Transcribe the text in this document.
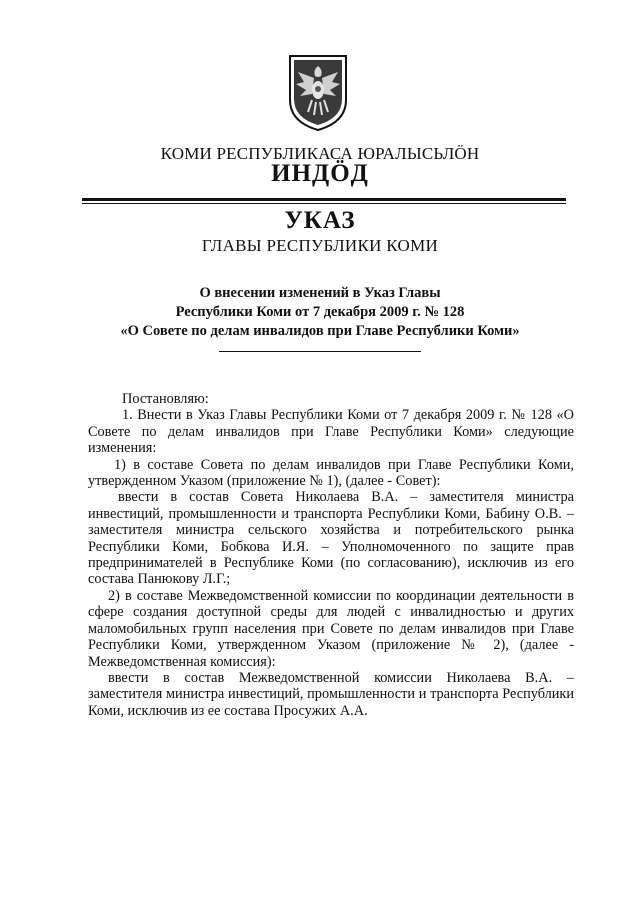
КОМИ РЕСПУБЛИКАСА ЮРАЛЫСЬЛÖН
ИНДÖД
УКАЗ
ГЛАВЫ РЕСПУБЛИКИ КОМИ
О внесении изменений в Указ Главы
Республики Коми от 7 декабря 2009 г. № 128
«О Совете по делам инвалидов при Главе Республики Коми»

Постановляю:

1. Внести в Указ Главы Республики Коми от 7 декабря 2009 г. № 128 «О Совете по делам инвалидов при Главе Республики Коми» следующие изменения:

1) в составе Совета по делам инвалидов при Главе Республики Коми, утвержденном Указом (приложение № 1), (далее - Совет):

ввести в состав Совета Николаева В.А. – заместителя министра инвестиций, промышленности и транспорта Республики Коми, Бабину О.В. – заместителя министра сельского хозяйства и потребительского рынка Республики Коми, Бобкова И.Я. – Уполномоченного по защите прав предпринимателей в Республике Коми (по согласованию), исключив из его состава Панюкову Л.Г.;

2) в составе Межведомственной комиссии по координации деятельности в сфере создания доступной среды для людей с инвалидностью и других маломобильных групп населения при Совете по делам инвалидов при Главе Республики Коми, утвержденном Указом (приложение № 2), (далее - Межведомственная комиссия):

ввести в состав Межведомственной комиссии Николаева В.А. – заместителя министра инвестиций, промышленности и транспорта Республики Коми, исключив из ее состава Просужих А.А.
